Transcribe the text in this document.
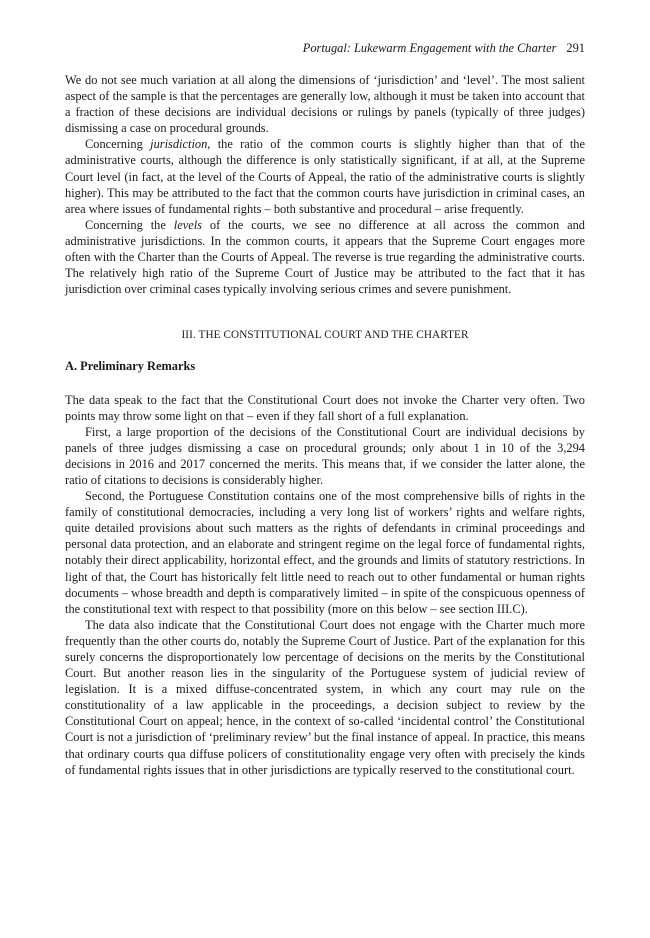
Portugal: Lukewarm Engagement with the Charter 291

We do not see much variation at all along the dimensions of ‘jurisdiction’ and ‘level’. The most salient aspect of the sample is that the percentages are generally low, although it must be taken into account that a fraction of these decisions are individual decisions or rulings by panels (typically of three judges) dismissing a case on procedural grounds.

Concerning jurisdiction, the ratio of the common courts is slightly higher than that of the administrative courts, although the difference is only statistically significant, if at all, at the Supreme Court level (in fact, at the level of the Courts of Appeal, the ratio of the administrative courts is slightly higher). This may be attributed to the fact that the common courts have jurisdiction in criminal cases, an area where issues of fundamental rights – both substantive and procedural – arise frequently.

Concerning the levels of the courts, we see no difference at all across the common and administrative jurisdictions. In the common courts, it appears that the Supreme Court engages more often with the Charter than the Courts of Appeal. The reverse is true regarding the administrative courts. The relatively high ratio of the Supreme Court of Justice may be attributed to the fact that it has jurisdiction over criminal cases typically involving serious crimes and severe punishment.

III. THE CONSTITUTIONAL COURT AND THE CHARTER
A. Preliminary Remarks

The data speak to the fact that the Constitutional Court does not invoke the Charter very often. Two points may throw some light on that – even if they fall short of a full explanation.

First, a large proportion of the decisions of the Constitutional Court are individual decisions by panels of three judges dismissing a case on procedural grounds; only about 1 in 10 of the 3,294 decisions in 2016 and 2017 concerned the merits. This means that, if we consider the latter alone, the ratio of citations to decisions is considerably higher.

Second, the Portuguese Constitution contains one of the most comprehensive bills of rights in the family of constitutional democracies, including a very long list of workers’ rights and welfare rights, quite detailed provisions about such matters as the rights of defendants in criminal proceedings and personal data protection, and an elaborate and stringent regime on the legal force of fundamental rights, notably their direct applicability, horizontal effect, and the grounds and limits of statutory restrictions. In light of that, the Court has historically felt little need to reach out to other fundamental or human rights documents – whose breadth and depth is comparatively limited – in spite of the conspicuous openness of the constitutional text with respect to that possibility (more on this below – see section III.C).

The data also indicate that the Constitutional Court does not engage with the Charter much more frequently than the other courts do, notably the Supreme Court of Justice. Part of the explanation for this surely concerns the disproportionately low percentage of decisions on the merits by the Constitutional Court. But another reason lies in the singularity of the Portuguese system of judicial review of legislation. It is a mixed diffuse-concentrated system, in which any court may rule on the constitutionality of a law applicable in the proceedings, a decision subject to review by the Constitutional Court on appeal; hence, in the context of so-called ‘incidental control’ the Constitutional Court is not a jurisdiction of ‘preliminary review’ but the final instance of appeal. In practice, this means that ordinary courts qua diffuse policers of constitutionality engage very often with precisely the kinds of fundamental rights issues that in other jurisdictions are typically reserved to the constitutional court.
